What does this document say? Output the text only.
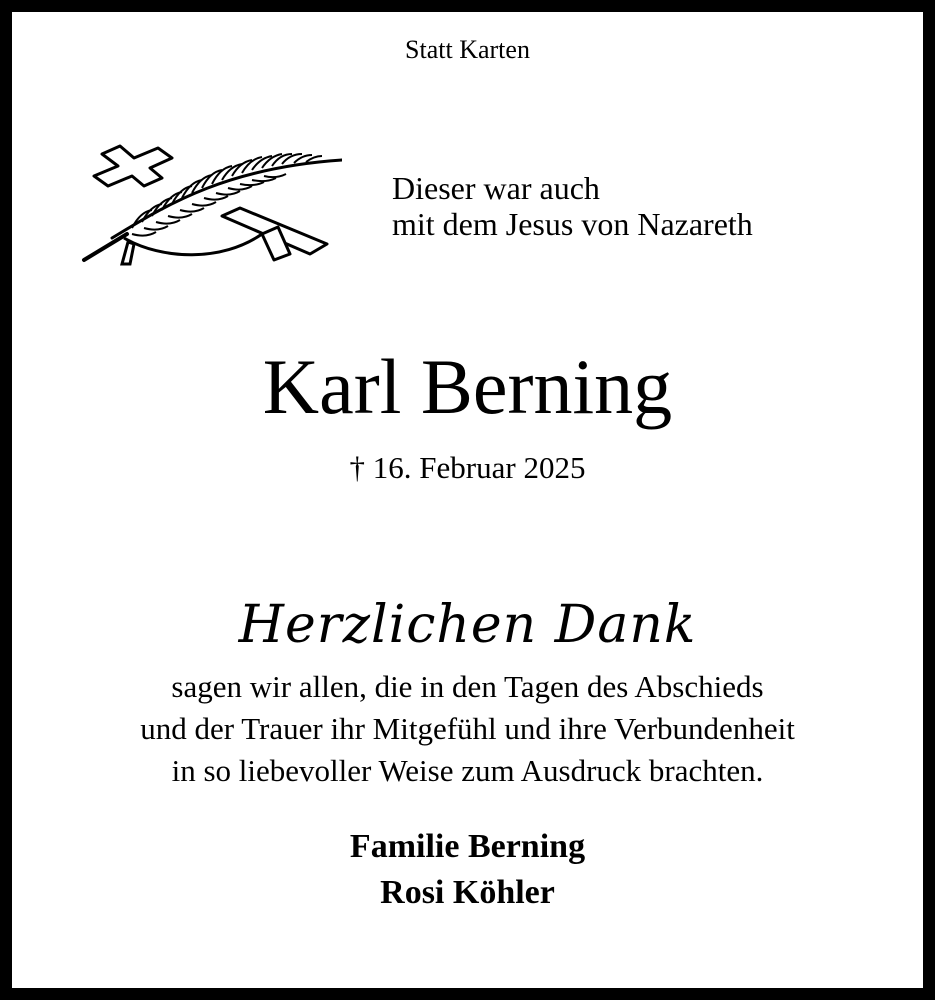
Statt Karten

Dieser war auch
mit dem Jesus von Nazareth

Karl Berning

† 16. Februar 2025

Herzlichen Dank

sagen wir allen, die in den Tagen des Abschieds
und der Trauer ihr Mitgefühl und ihre Verbundenheit
in so liebevoller Weise zum Ausdruck brachten.
Familie Berning
Rosi Köhler
